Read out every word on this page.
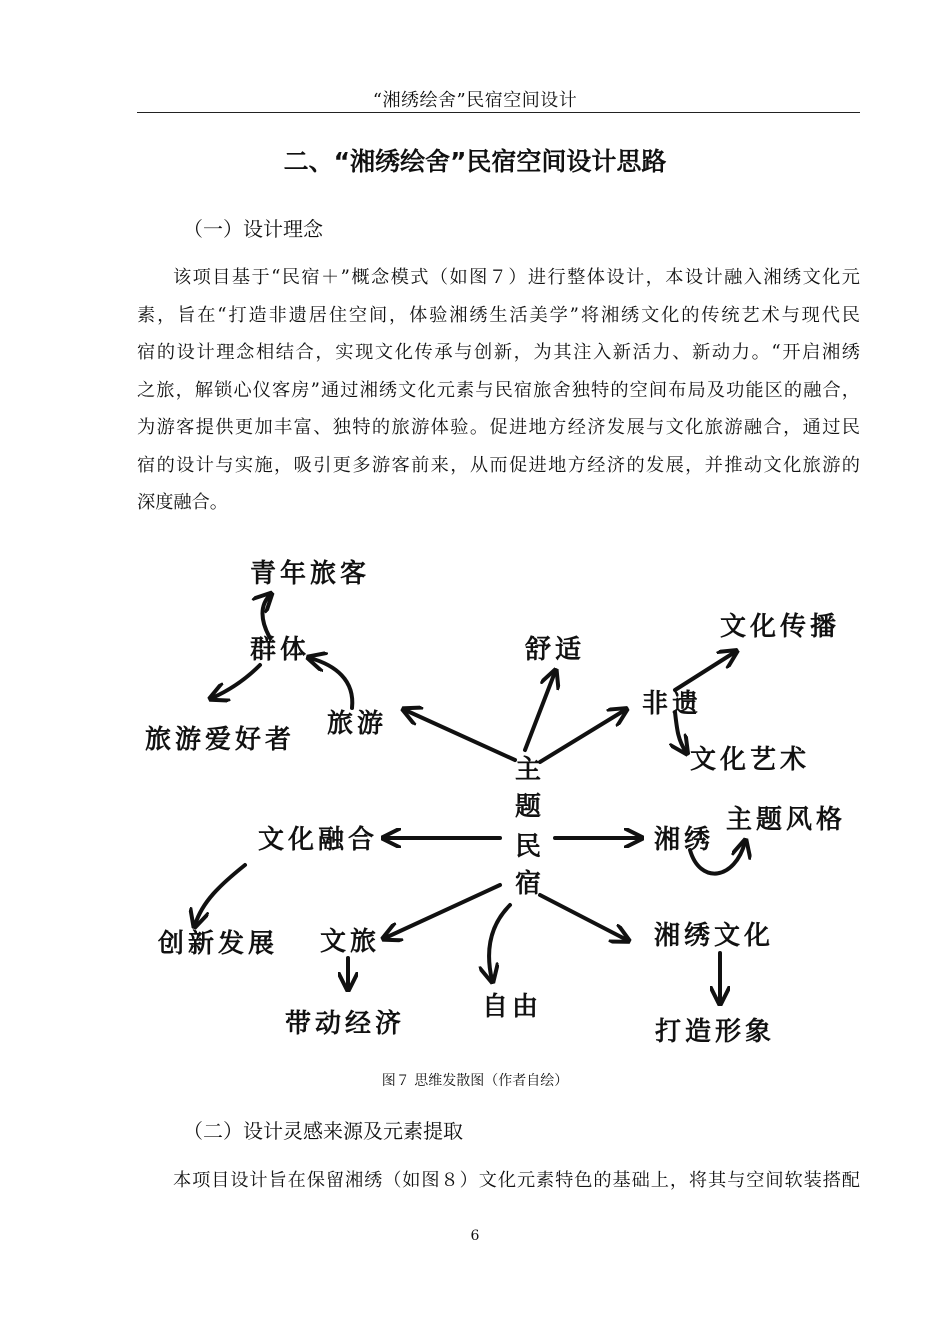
“湘绣绘舍”民宿空间设计
二、“湘绣绘舍”民宿空间设计思路
（一）设计理念
该项目基于“民宿＋”概念模式（如图７）进行整体设计，本设计融入湘绣文化元
素，旨在“打造非遗居住空间，体验湘绣生活美学”将湘绣文化的传统艺术与现代民
宿的设计理念相结合，实现文化传承与创新，为其注入新活力、新动力。“开启湘绣
之旅，解锁心仪客房”通过湘绣文化元素与民宿旅舍独特的空间布局及功能区的融合，
为游客提供更加丰富、独特的旅游体验。促进地方经济发展与文化旅游融合，通过民
宿的设计与实施，吸引更多游客前来，从而促进地方经济的发展，并推动文化旅游的
深度融合。
青年旅客
群体
旅游爱好者
旅游
舒适
文化传播
非遗
文化艺术
文化融合	湘绣
主题风格
创新发展 文旅
带动经济
自由
湘绣文化
打造形象
主
题
民
宿
图７ 思维发散图（作者自绘）
（二）设计灵感来源及元素提取
本项目设计旨在保留湘绣（如图８）文化元素特色的基础上，将其与空间软装搭配
6
